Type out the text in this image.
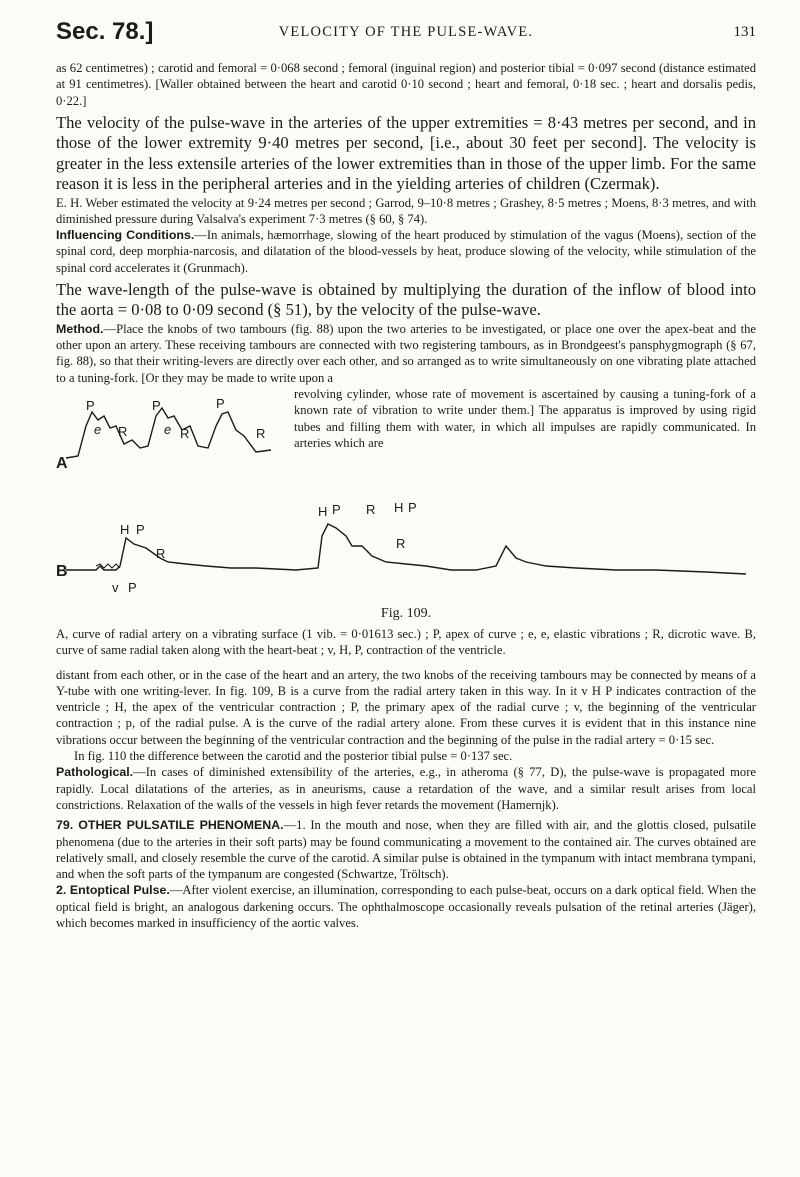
Sec. 78.]	VELOCITY OF THE PULSE-WAVE.	131

as 62 centimetres) ; carotid and femoral = 0·068 second ; femoral (inguinal region) and posterior tibial = 0·097 second (distance estimated at 91 centimetres). [Waller obtained between the heart and carotid 0·10 second ; heart and femoral, 0·18 sec. ; heart and dorsalis pedis, 0·22.]

The velocity of the pulse-wave in the arteries of the upper extremities = 8·43 metres per second, and in those of the lower extremity 9·40 metres per second, [i.e., about 30 feet per second]. The velocity is greater in the less extensile arteries of the lower extremities than in those of the upper limb. For the same reason it is less in the peripheral arteries and in the yielding arteries of children (Czermak).

E. H. Weber estimated the velocity at 9·24 metres per second ; Garrod, 9–10·8 metres ; Grashey, 8·5 metres ; Moens, 8·3 metres, and with diminished pressure during Valsalva's experiment 7·3 metres (§ 60, § 74).

Influencing Conditions.—In animals, hæmorrhage, slowing of the heart produced by stimulation of the vagus (Moens), section of the spinal cord, deep morphia-narcosis, and dilatation of the blood-vessels by heat, produce slowing of the velocity, while stimulation of the spinal cord accelerates it (Grunmach).

The wave-length of the pulse-wave is obtained by multiplying the duration of the inflow of blood into the aorta = 0·08 to 0·09 second (§ 51), by the velocity of the pulse-wave.

Method.—Place the knobs of two tambours (fig. 88) upon the two arteries to be investigated, or place one over the apex-beat and the other upon an artery. These receiving tambours are connected with two registering tambours, as in Brondgeest's pansphygmograph (§ 67, fig. 88), so that their writing-levers are directly over each other, and so arranged as to write simultaneously on one vibrating plate attached to a tuning-fork. [Or they may be made to write upon a

A
B
P	P	P
e	e
R	R	R
H P
R
v P
H P R H P
R

revolving cylinder, whose rate of movement is ascertained by causing a tuning-fork of a known rate of vibration to write under them.] The apparatus is improved by using rigid tubes and filling them with water, in which all impulses are rapidly communicated. In arteries which are

Fig. 109.

A, curve of radial artery on a vibrating surface (1 vib. = 0·01613 sec.) ; P, apex of curve ; e, e, elastic vibrations ; R, dicrotic wave. B, curve of same radial taken along with the heart-beat ; v, H, P, contraction of the ventricle.

distant from each other, or in the case of the heart and an artery, the two knobs of the receiving tambours may be connected by means of a Y-tube with one writing-lever. In fig. 109, B is a curve from the radial artery taken in this way. In it v H P indicates contraction of the ventricle ; H, the apex of the ventricular contraction ; P, the primary apex of the radial curve ; v, the beginning of the ventricular contraction ; p, of the radial pulse. A is the curve of the radial artery alone. From these curves it is evident that in this instance nine vibrations occur between the beginning of the ventricular contraction and the beginning of the pulse in the radial artery = 0·15 sec.

In fig. 110 the difference between the carotid and the posterior tibial pulse = 0·137 sec.

Pathological.—In cases of diminished extensibility of the arteries, e.g., in atheroma (§ 77, D), the pulse-wave is propagated more rapidly. Local dilatations of the arteries, as in aneurisms, cause a retardation of the wave, and a similar result arises from local constrictions. Relaxation of the walls of the vessels in high fever retards the movement (Hamernjk).

79. OTHER PULSATILE PHENOMENA.—1. In the mouth and nose, when they are filled with air, and the glottis closed, pulsatile phenomena (due to the arteries in their soft parts) may be found communicating a movement to the contained air. The curves obtained are relatively small, and closely resemble the curve of the carotid. A similar pulse is obtained in the tympanum with intact membrana tympani, and when the soft parts of the tympanum are congested (Schwartze, Tröltsch).

2. Entoptical Pulse.—After violent exercise, an illumination, corresponding to each pulse-beat, occurs on a dark optical field. When the optical field is bright, an analogous darkening occurs. The ophthalmoscope occasionally reveals pulsation of the retinal arteries (Jäger), which becomes marked in insufficiency of the aortic valves.
